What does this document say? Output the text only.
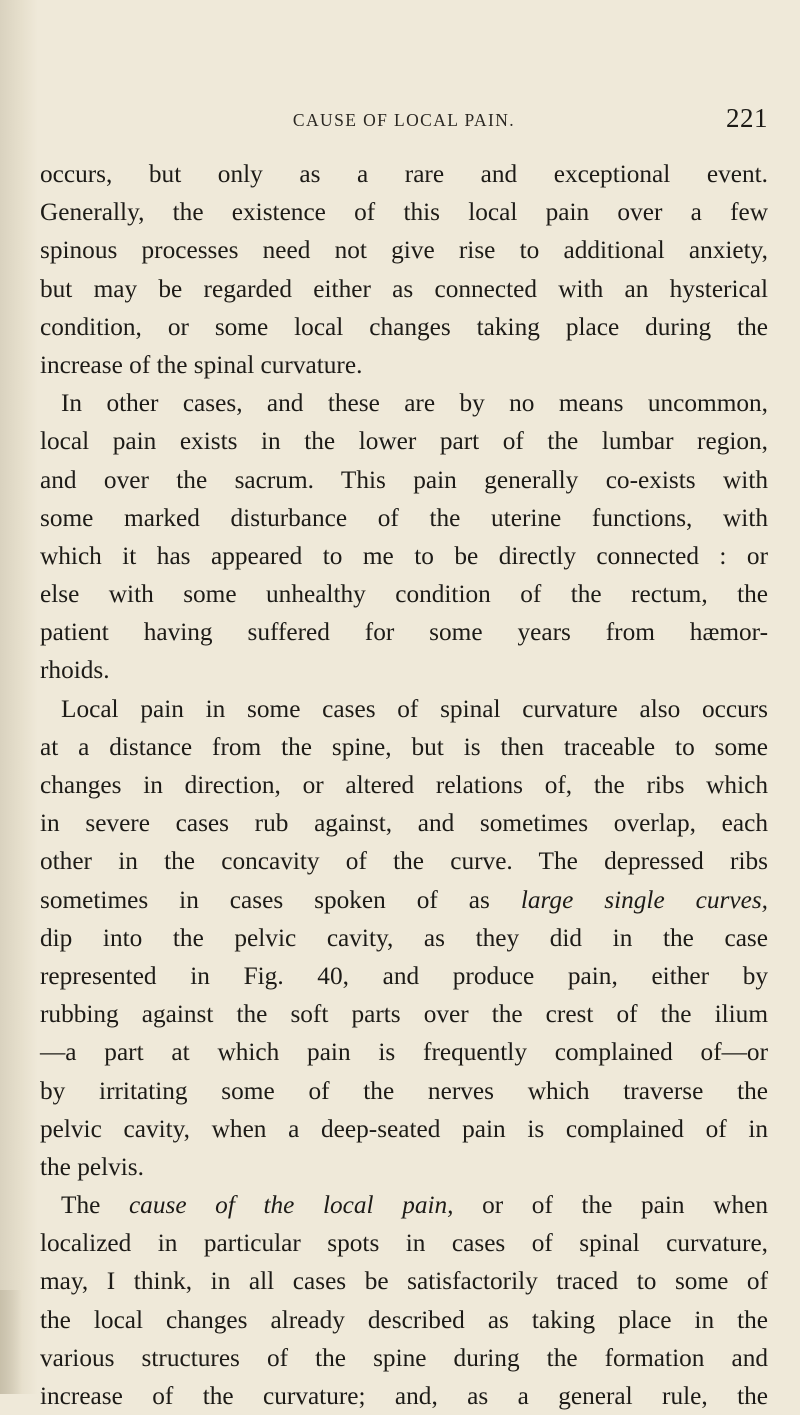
CAUSE OF LOCAL PAIN.	221
occurs, but only as a rare and exceptional event.
Generally, the existence of this local pain over a few
spinous processes need not give rise to additional anxiety,
but may be regarded either as connected with an hysterical
condition, or some local changes taking place during the
increase of the spinal curvature.
In other cases, and these are by no means uncommon,
local pain exists in the lower part of the lumbar region,
and over the sacrum. This pain generally co-exists with
some marked disturbance of the uterine functions, with
which it has appeared to me to be directly connected : or
else with some unhealthy condition of the rectum, the
patient having suffered for some years from hæmor-
rhoids.
Local pain in some cases of spinal curvature also occurs
at a distance from the spine, but is then traceable to some
changes in direction, or altered relations of, the ribs which
in severe cases rub against, and sometimes overlap, each
other in the concavity of the curve. The depressed ribs
sometimes in cases spoken of as large single curves,
dip into the pelvic cavity, as they did in the case
represented in Fig. 40, and produce pain, either by
rubbing against the soft parts over the crest of the ilium
—a part at which pain is frequently complained of—or
by irritating some of the nerves which traverse the
pelvic cavity, when a deep-seated pain is complained of in
the pelvis.
The cause of the local pain, or of the pain when
localized in particular spots in cases of spinal curvature,
may, I think, in all cases be satisfactorily traced to some of
the local changes already described as taking place in the
various structures of the spine during the formation and
increase of the curvature; and, as a general rule, the
